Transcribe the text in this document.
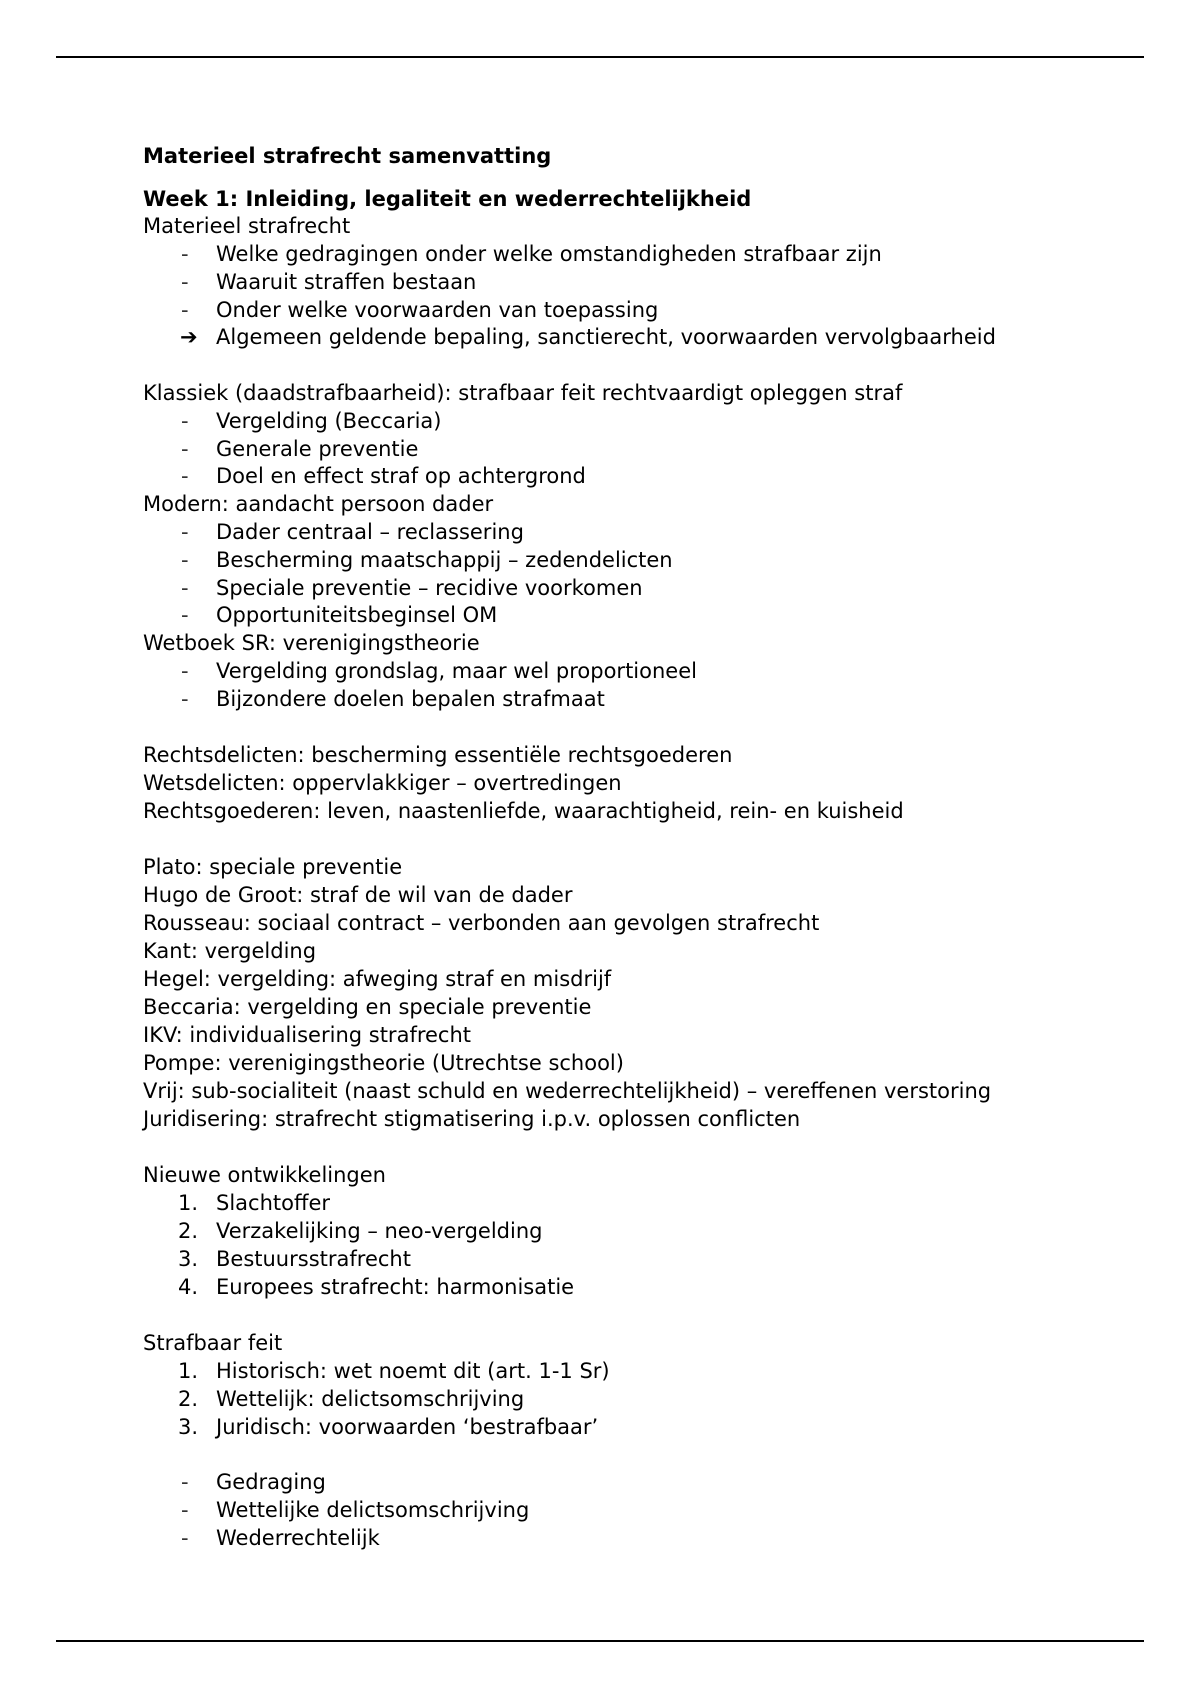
Materieel strafrecht samenvatting
Week 1: Inleiding, legaliteit en wederrechtelijkheid
Materieel strafrecht
-	Welke gedragingen onder welke omstandigheden strafbaar zijn
-	Waaruit straffen bestaan
-	Onder welke voorwaarden van toepassing
➔ Algemeen geldende bepaling, sanctierecht, voorwaarden vervolgbaarheid
Klassiek (daadstrafbaarheid): strafbaar feit rechtvaardigt opleggen straf
-	Vergelding (Beccaria)
-	Generale preventie
-	Doel en effect straf op achtergrond
Modern: aandacht persoon dader
-	Dader centraal – reclassering
-	Bescherming maatschappij – zedendelicten
-	Speciale preventie – recidive voorkomen
-	Opportuniteitsbeginsel OM
Wetboek SR: verenigingstheorie
-	Vergelding grondslag, maar wel proportioneel
-	Bijzondere doelen bepalen strafmaat
Rechtsdelicten: bescherming essentiële rechtsgoederen
Wetsdelicten: oppervlakkiger – overtredingen
Rechtsgoederen: leven, naastenliefde, waarachtigheid, rein- en kuisheid
Plato: speciale preventie
Hugo de Groot: straf de wil van de dader
Rousseau: sociaal contract – verbonden aan gevolgen strafrecht
Kant: vergelding
Hegel: vergelding: afweging straf en misdrijf
Beccaria: vergelding en speciale preventie
IKV: individualisering strafrecht
Pompe: verenigingstheorie (Utrechtse school)
Vrij: sub-socialiteit (naast schuld en wederrechtelijkheid) – vereffenen verstoring
Juridisering: strafrecht stigmatisering i.p.v. oplossen conflicten
Nieuwe ontwikkelingen
1. Slachtoffer
2. Verzakelijking – neo-vergelding
3. Bestuursstrafrecht
4. Europees strafrecht: harmonisatie
Strafbaar feit
1. Historisch: wet noemt dit (art. 1-1 Sr)
2. Wettelijk: delictsomschrijving
3. Juridisch: voorwaarden ‘bestrafbaar’
-	Gedraging
-	Wettelijke delictsomschrijving
-	Wederrechtelijk
